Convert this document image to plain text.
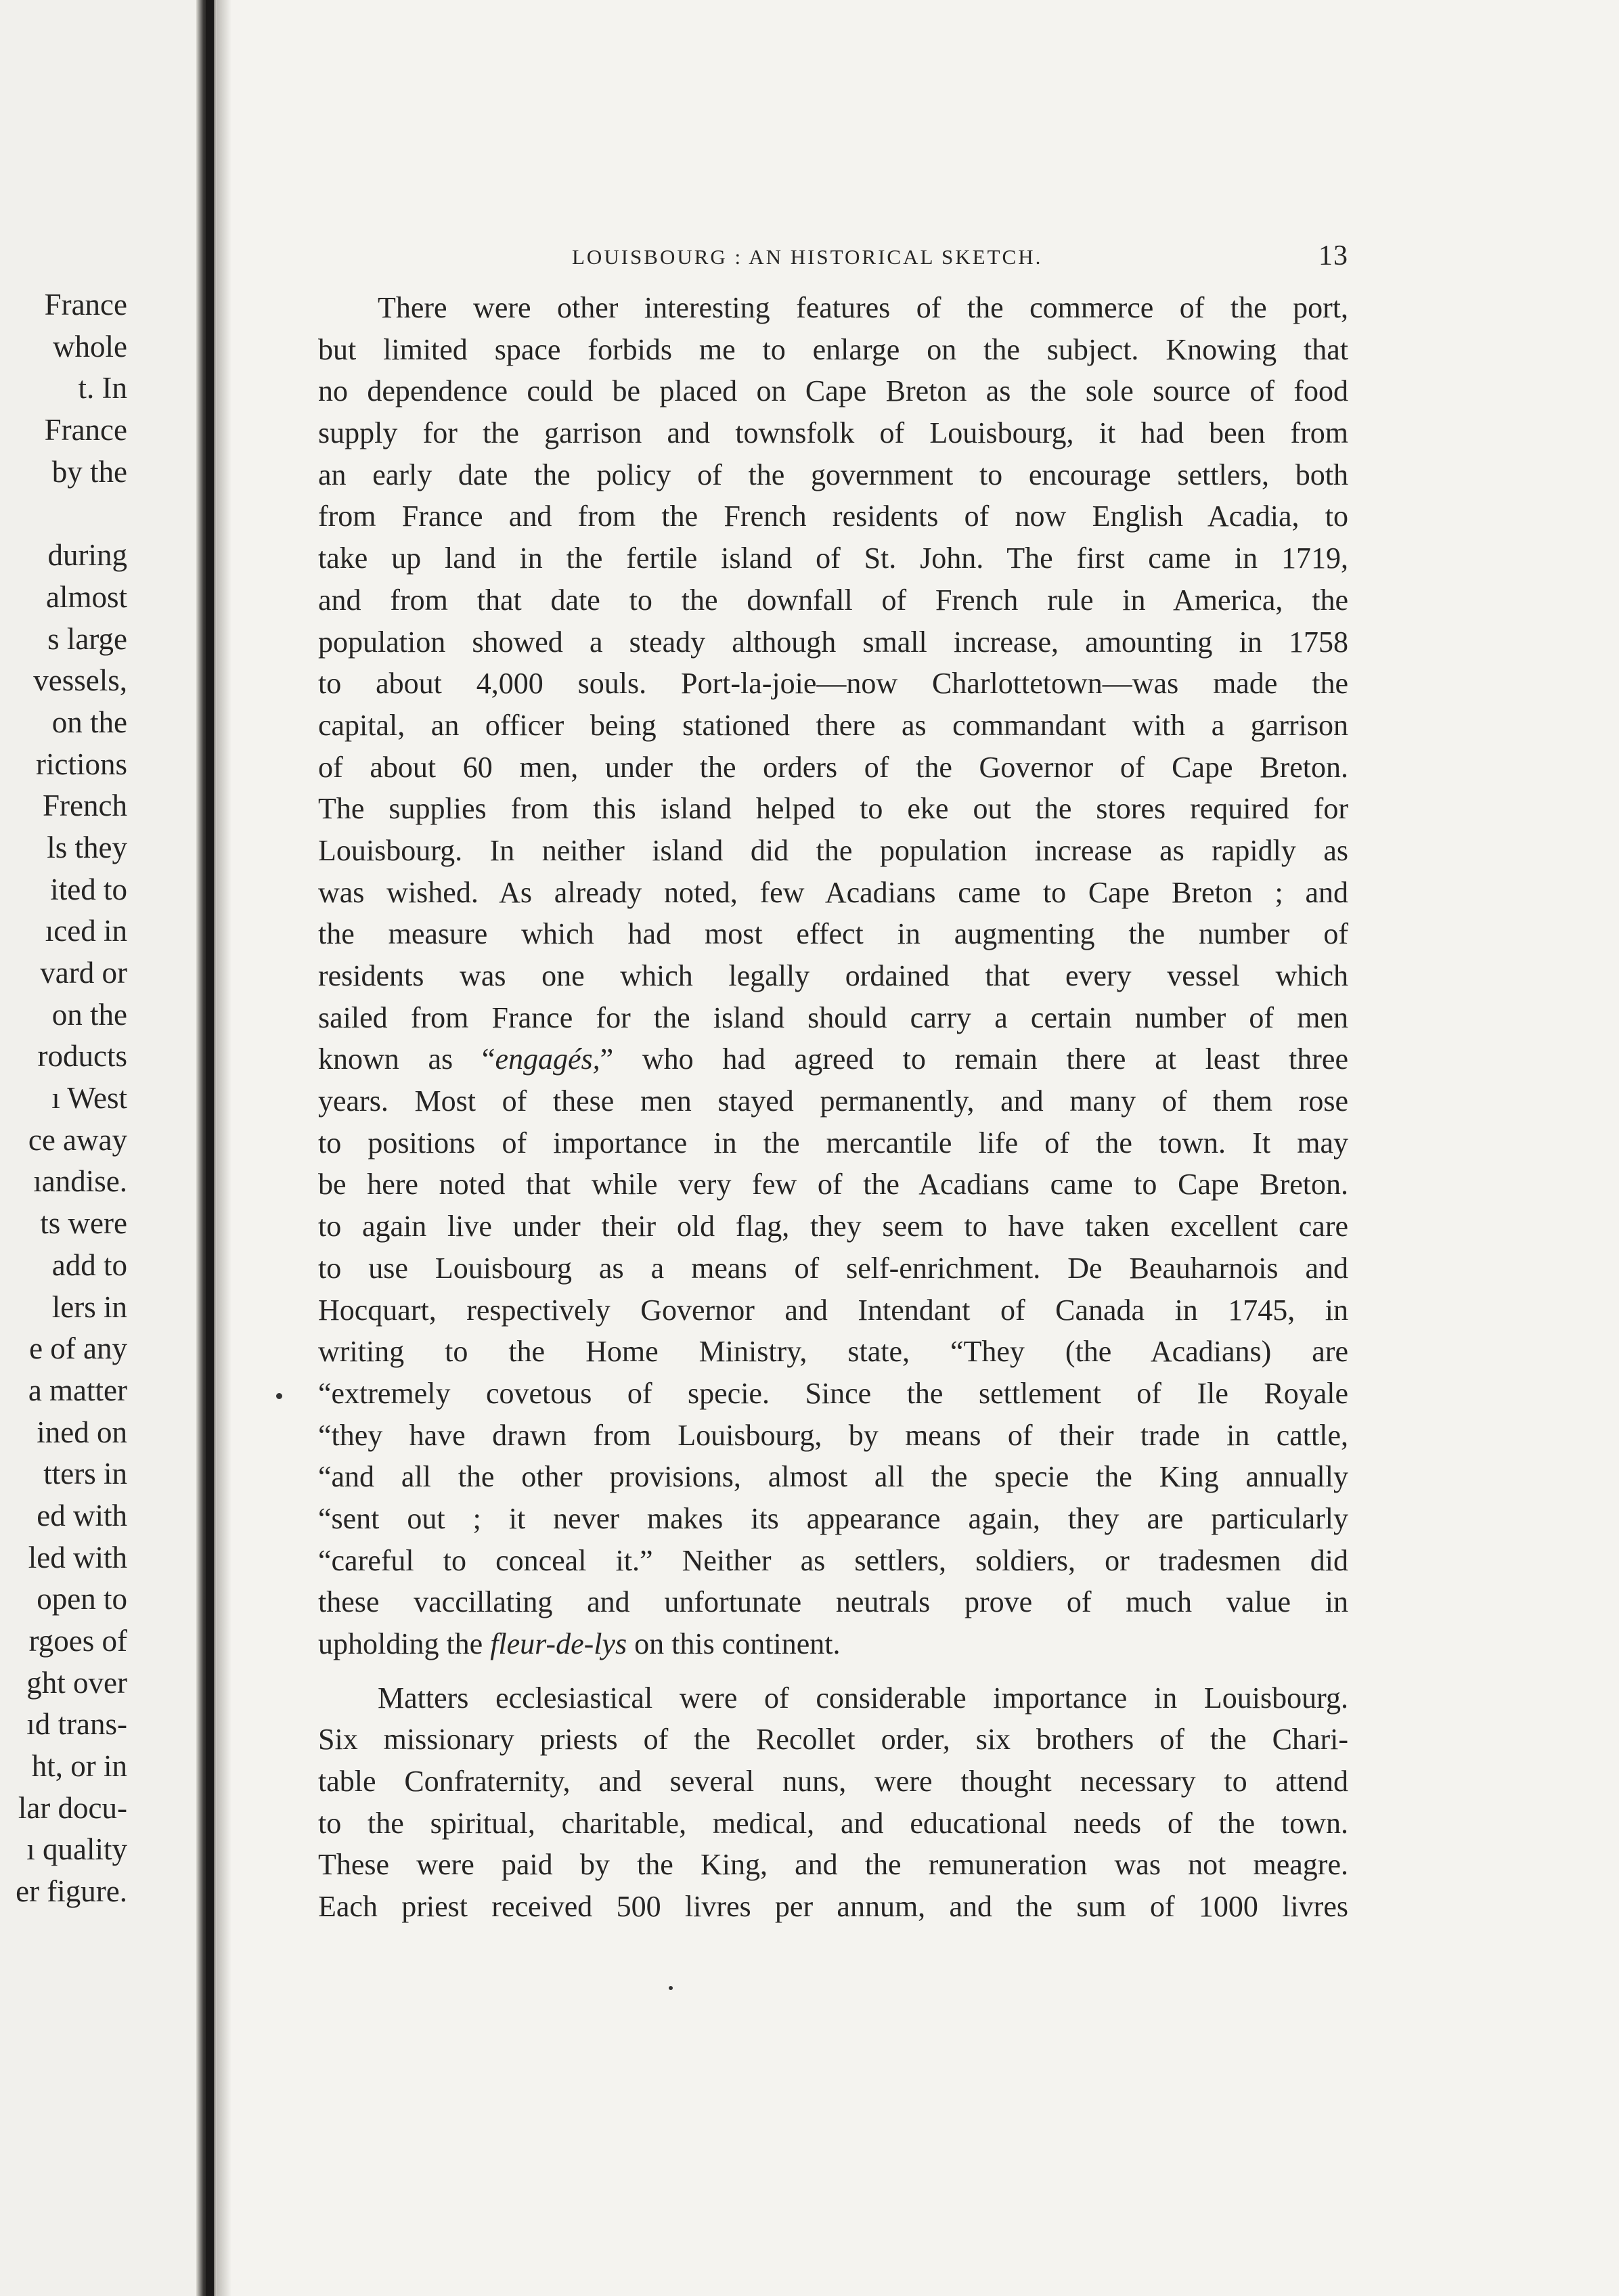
France
whole
t. In
France
by the
during
almost
s large
vessels,
on the
rictions
French
ls they
ited to
ıced in
vard or
on the
roducts
ı West
ce away
ıandise.
ts were
add to
lers in
e of any
a matter
ined on
tters in
ed with
led with
open to
rgoes of
ght over
ıd trans-
ht, or in
lar docu-
ı quality
er figure.
LOUISBOURG : AN HISTORICAL SKETCH.	13
There were other interesting features of the commerce of the port,
but limited space forbids me to enlarge on the subject. Knowing that
no dependence could be placed on Cape Breton as the sole source of food
supply for the garrison and townsfolk of Louisbourg, it had been from
an early date the policy of the government to encourage settlers, both
from France and from the French residents of now English Acadia, to
take up land in the fertile island of St. John. The first came in 1719,
and from that date to the downfall of French rule in America, the
population showed a steady although small increase, amounting in 1758
to about 4,000 souls. Port-la-joie—now Charlottetown—was made the
capital, an officer being stationed there as commandant with a garrison
of about 60 men, under the orders of the Governor of Cape Breton.
The supplies from this island helped to eke out the stores required for
Louisbourg. In neither island did the population increase as rapidly as
was wished. As already noted, few Acadians came to Cape Breton ; and
the measure which had most effect in augmenting the number of
residents was one which legally ordained that every vessel which
sailed from France for the island should carry a certain number of men
known as “engagés,” who had agreed to remain there at least three
years. Most of these men stayed permanently, and many of them rose
to positions of importance in the mercantile life of the town. It may
be here noted that while very few of the Acadians came to Cape Breton.
to again live under their old flag, they seem to have taken excellent care
to use Louisbourg as a means of self-enrichment. De Beauharnois and
Hocquart, respectively Governor and Intendant of Canada in 1745, in
writing to the Home Ministry, state, “They (the Acadians) are
“extremely covetous of specie. Since the settlement of Ile Royale
“they have drawn from Louisbourg, by means of their trade in cattle,
“and all the other provisions, almost all the specie the King annually
“sent out ; it never makes its appearance again, they are particularly
“careful to conceal it.” Neither as settlers, soldiers, or tradesmen did
these vaccillating and unfortunate neutrals prove of much value in
upholding the fleur-de-lys on this continent.
Matters ecclesiastical were of considerable importance in Louisbourg.
Six missionary priests of the Recollet order, six brothers of the Chari-
table Confraternity, and several nuns, were thought necessary to attend
to the spiritual, charitable, medical, and educational needs of the town.
These were paid by the King, and the remuneration was not meagre.
Each priest received 500 livres per annum, and the sum of 1000 livres
